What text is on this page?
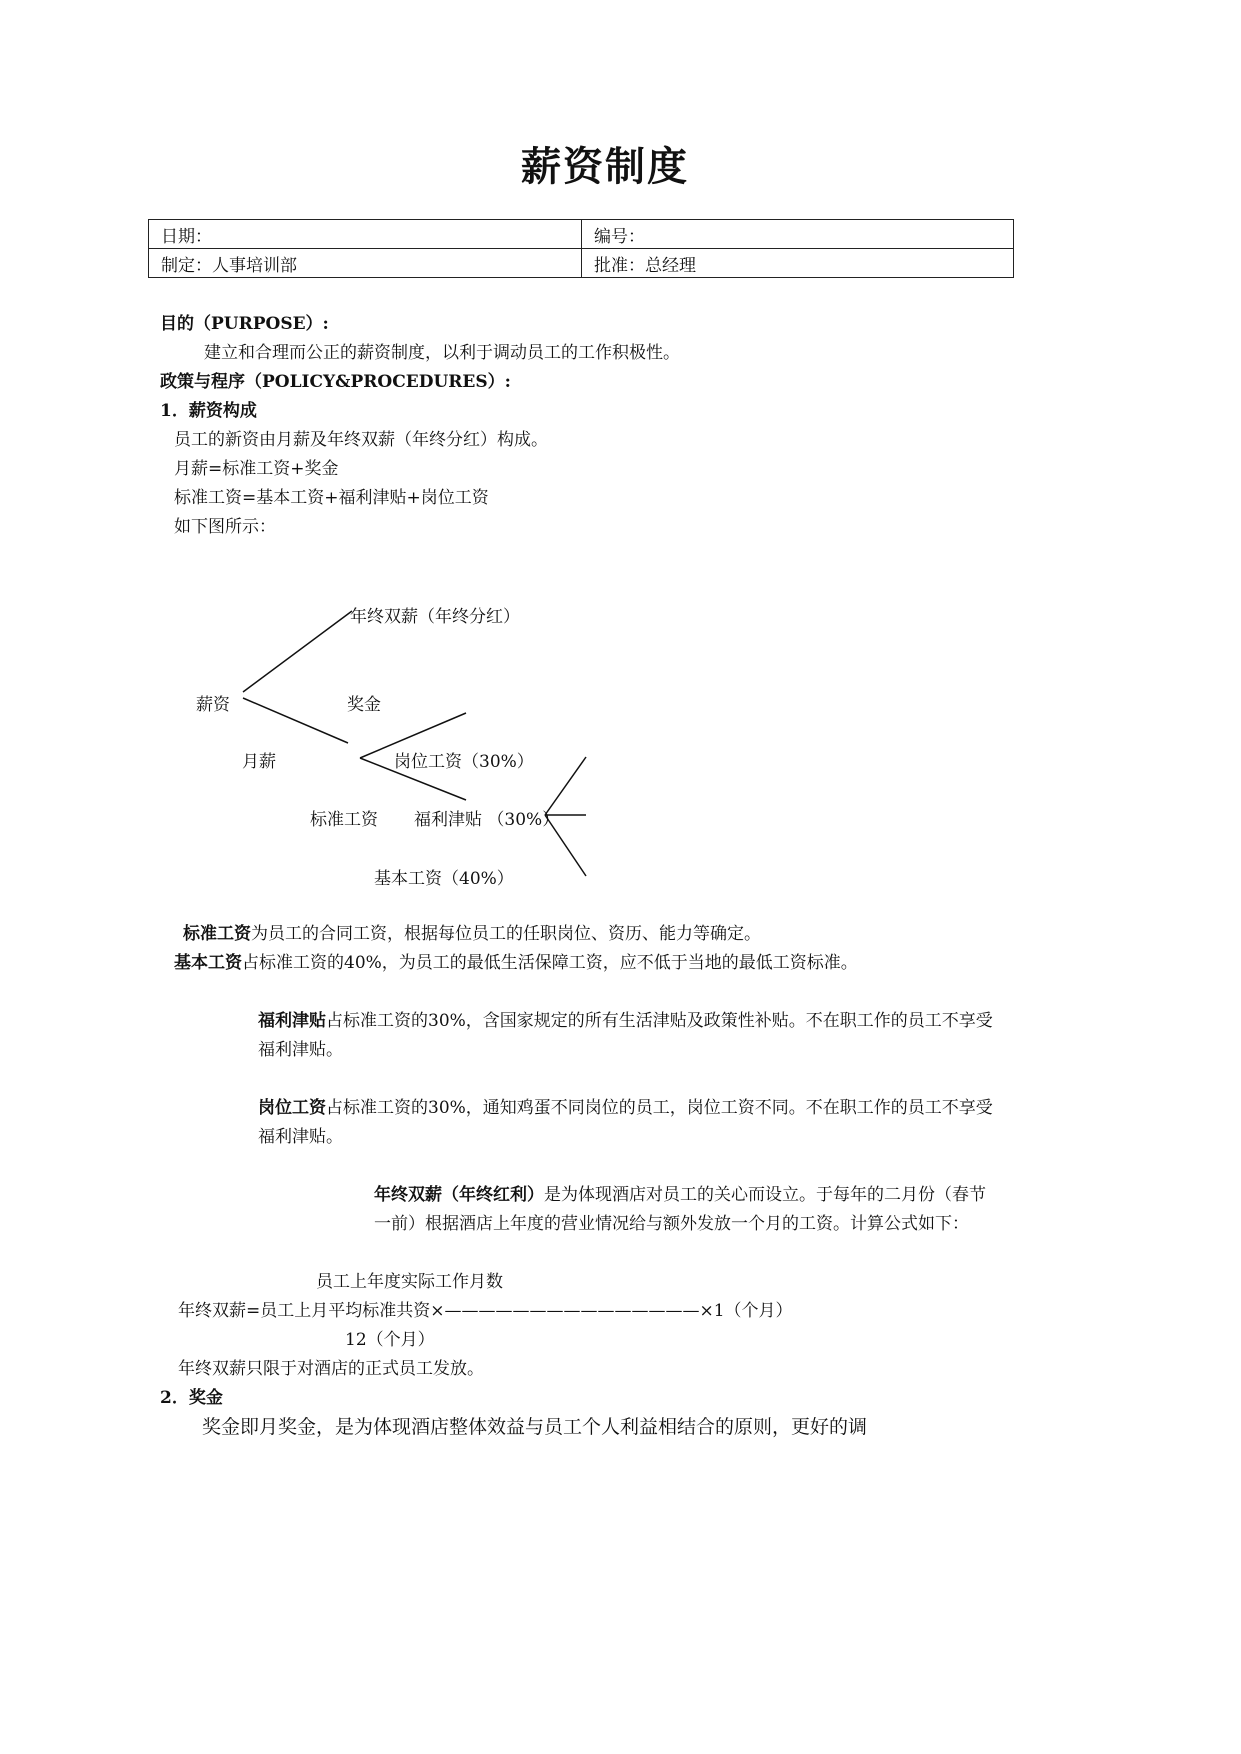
薪资制度
日期：	编号：
制定：人事培训部	批准：总经理
目的（PURPOSE）:
建立和合理而公正的薪资制度，以利于调动员工的工作积极性。
政策与程序（POLICY&PROCEDURES）:
1．薪资构成
员工的新资由月薪及年终双薪（年终分红）构成。
月薪=标准工资+奖金
标准工资=基本工资+福利津贴+岗位工资
如下图所示：
年终双薪（年终分红）
薪资	奖金
月薪	岗位工资（30%）
标准工资 福利津贴 （30%）
基本工资（40%）
标准工资为员工的合同工资，根据每位员工的任职岗位、资历、能力等确定。
基本工资占标准工资的40%，为员工的最低生活保障工资，应不低于当地的最低工资标准。
福利津贴占标准工资的30%，含国家规定的所有生活津贴及政策性补贴。不在职工作的员工不享受福利津贴。
岗位工资占标准工资的30%，通知鸡蛋不同岗位的员工，岗位工资不同。不在职工作的员工不享受福利津贴。
年终双薪（年终红利）是为体现酒店对员工的关心而设立。于每年的二月份（春节一前）根据酒店上年度的营业情况给与额外发放一个月的工资。计算公式如下：
员工上年度实际工作月数
年终双薪=员工上月平均标准共资×———————————————×1（个月）
12（个月）
年终双薪只限于对酒店的正式员工发放。
2．奖金
奖金即月奖金，是为体现酒店整体效益与员工个人利益相结合的原则，更好的调
